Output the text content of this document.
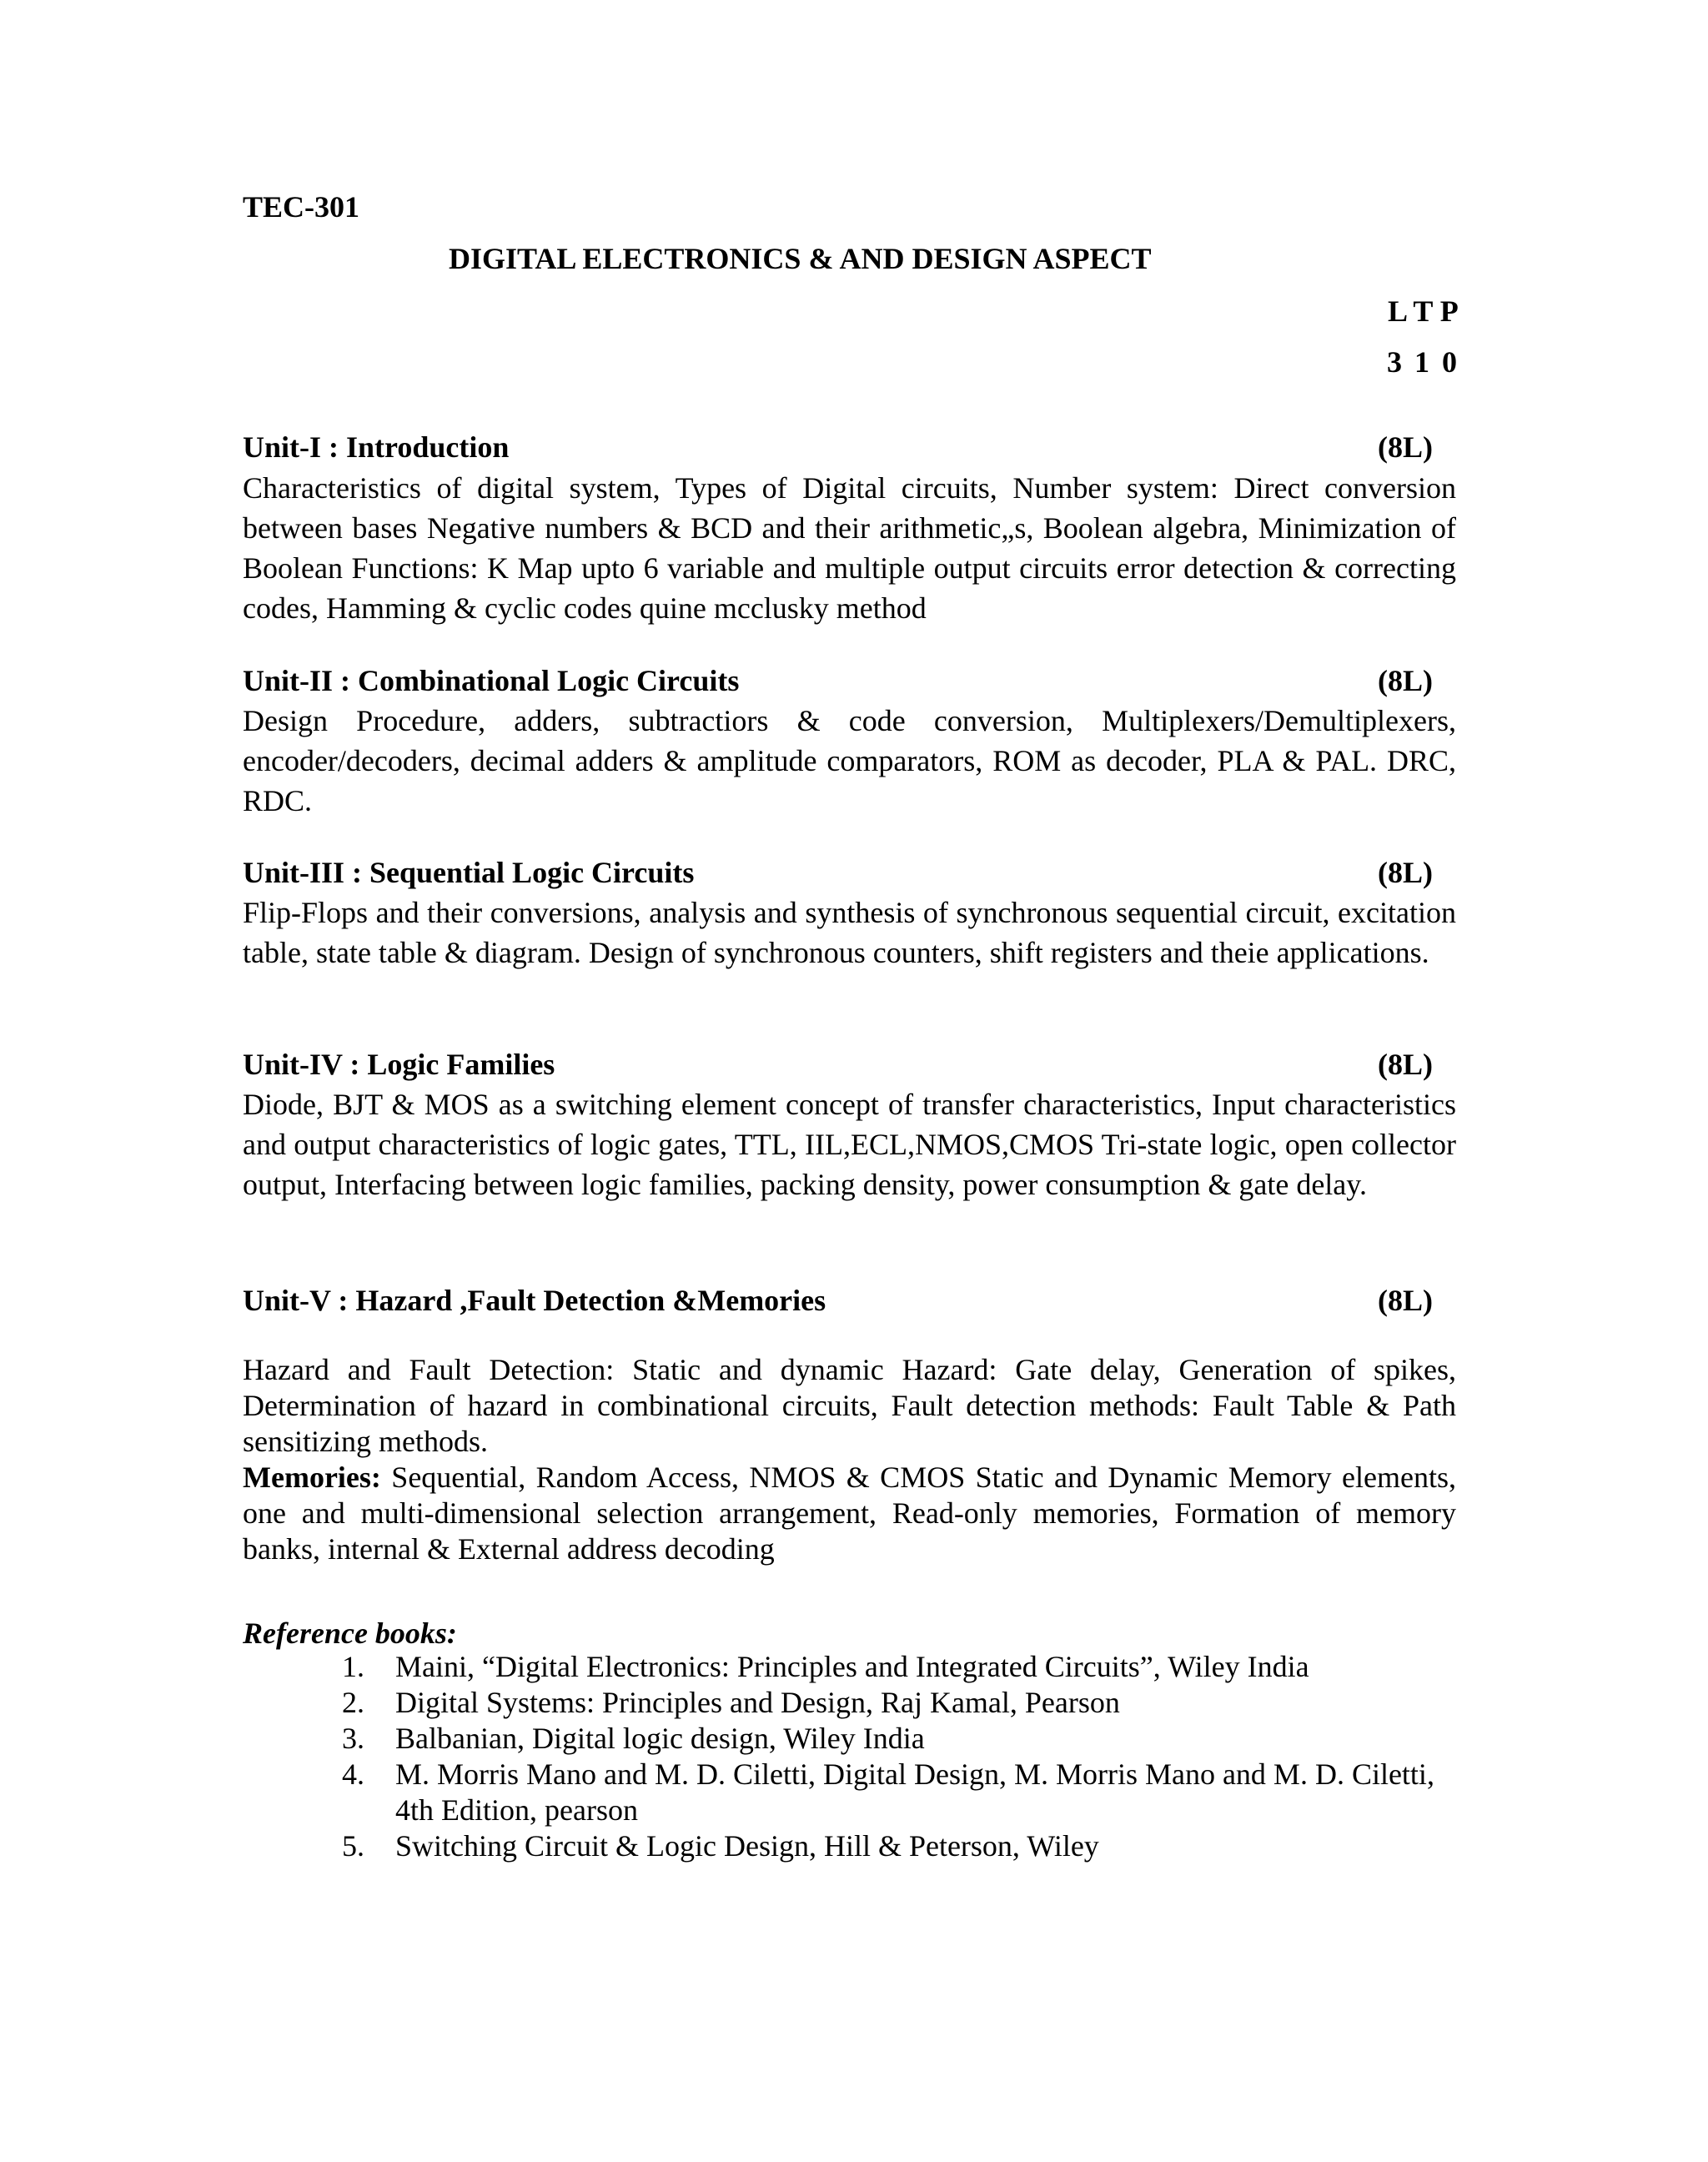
TEC-301
DIGITAL ELECTRONICS & AND DESIGN ASPECT
L T P
3 1 0
Unit-I : Introduction	(8L)
Characteristics of digital system, Types of Digital circuits, Number system: Direct conversion between bases Negative numbers & BCD and their arithmetic„s, Boolean algebra, Minimization of Boolean Functions: K Map upto 6 variable and multiple output circuits error detection & correcting codes, Hamming & cyclic codes quine mcclusky method
Unit-II : Combinational Logic Circuits	(8L)
Design Procedure, adders, subtractiors & code conversion, Multiplexers/Demultiplexers, encoder/decoders, decimal adders & amplitude comparators, ROM as decoder, PLA & PAL. DRC, RDC.
Unit-III : Sequential Logic Circuits	(8L)
Flip-Flops and their conversions, analysis and synthesis of synchronous sequential circuit, excitation table, state table & diagram. Design of synchronous counters, shift registers and theie applications.
Unit-IV : Logic Families	(8L)
Diode, BJT & MOS as a switching element concept of transfer characteristics, Input characteristics and output characteristics of logic gates, TTL, IIL,ECL,NMOS,CMOS Tri-state logic, open collector output, Interfacing between logic families, packing density, power consumption & gate delay.
Unit-V : Hazard ,Fault Detection &Memories	(8L)
Hazard and Fault Detection: Static and dynamic Hazard: Gate delay, Generation of spikes, Determination of hazard in combinational circuits, Fault detection methods: Fault Table & Path sensitizing methods.
Memories: Sequential, Random Access, NMOS & CMOS Static and Dynamic Memory elements, one and multi-dimensional selection arrangement, Read-only memories, Formation of memory banks, internal & External address decoding
Reference books:
1. Maini, “Digital Electronics: Principles and Integrated Circuits”, Wiley India
2. Digital Systems: Principles and Design, Raj Kamal, Pearson
3. Balbanian, Digital logic design, Wiley India
4. M. Morris Mano and M. D. Ciletti, Digital Design, M. Morris Mano and M. D. Ciletti, 4th Edition, pearson
5. Switching Circuit & Logic Design, Hill & Peterson, Wiley
